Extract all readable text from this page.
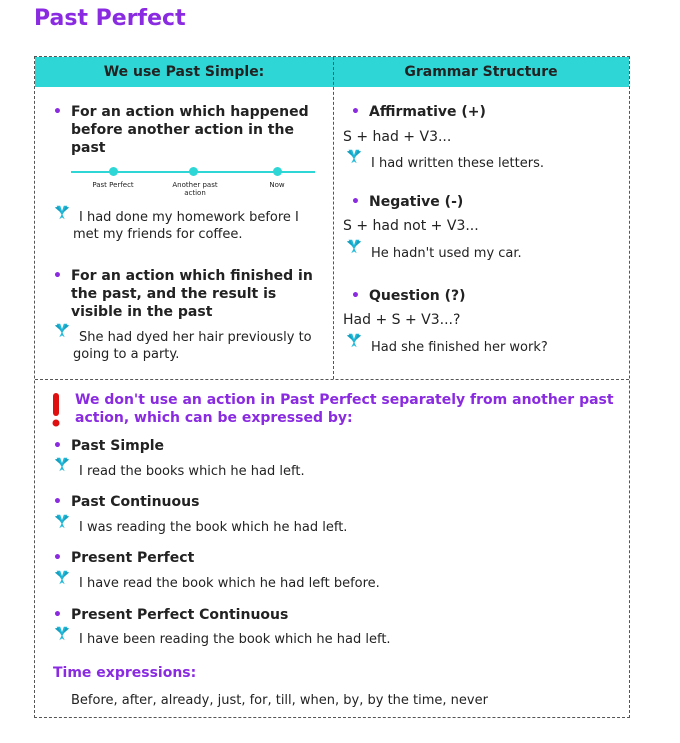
Past Perfect
We use Past Simple:	Grammar Structure
• For an action which happened before another action in the past
Past Perfect	Another past action
Now
I had done my homework before I met my friends for coffee.
• For an action which finished in the past, and the result is visible in the past
She had dyed her hair previously to going to a party.
• Affirmative (+)
S + had + V3...
I had written these letters.
• Negative (-)
S + had not + V3...
He hadn't used my car.
• Question (?)
Had + S + V3...?
Had she finished her work?
We don't use an action in Past Perfect separately from another past action, which can be expressed by:
• Past Simple
I read the books which he had left.
• Past Continuous
I was reading the book which he had left.
• Present Perfect
I have read the book which he had left before.
• Present Perfect Continuous
I have been reading the book which he had left.
Time expressions:
Before, after, already, just, for, till, when, by, by the time, never
